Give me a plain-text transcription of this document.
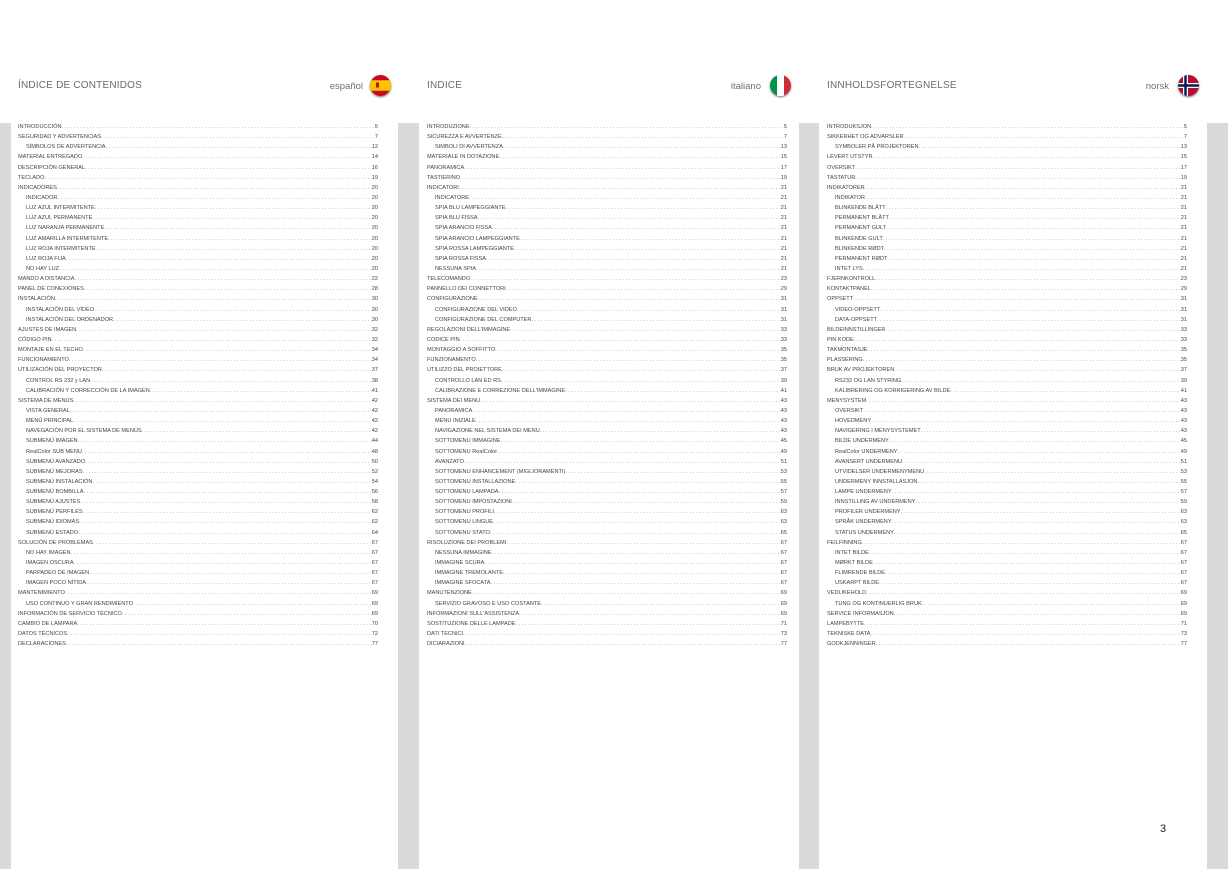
ÍNDICE DE CONTENIDOS	español
INTRODUCCIÓN . . .	5
SEGURIDAD Y ADVERTENCIAS . . .	7
SÍMBOLOS DE ADVERTENCIA . . .	12
MATERIAL ENTREGADO . . .	14
DESCRIPCIÓN GENERAL . . .	16
TECLADO . . .	19
INDICADORES . . .	20
INDICADOR . . .	20
LUZ AZUL INTERMITENTE . . .	20
LUZ AZUL PERMANENTE . . .	20
LUZ NARANJA PERMANENTE . . .	20
LUZ AMARILLA INTERMITENTE . . .	20
LUZ ROJA INTERMITENTE . . .	20
LUZ ROJA FIJA . . .	20
NO HAY LUZ . . .	20
MANDO A DISTANCIA . . .	22
PANEL DE CONEXIONES . . .	28
INSTALACIÓN . . .	30
INSTALACIÓN DEL VÍDEO . . .	30
INSTALACIÓN DEL ORDENADOR . . .	30
AJUSTES DE IMAGEN . . .	32
CÓDIGO PIN . . .	32
MONTAJE EN EL TECHO . . .	34
FUNCIONAMIENTO . . .	34
UTILIZACIÓN DEL PROYECTOR . . .	37
CONTROL RS 232 y LAN . . .	38
CALIBRACIÓN Y CORRECCIÓN DE LA IMAGEN . . .	41
SISTEMA DE MENÚS . . .	42
VISTA GENERAL . . .	42
MENÚ PRINCIPAL . . .	42
NAVEGACIÓN POR EL SISTEMA DE MENÚS . . .	42
SUBMENÚ IMAGEN . . .	44
RealColor SUB MENU . . .	48
SUBMENÚ AVANZADO . . .	50
SUBMENÚ MEJORAS . . .	52
SUBMENÚ INSTALACIÓN . . .	54
SUBMENÚ BOMBILLA . . .	56
SUBMENÚ AJUSTES . . .	58
SUBMENÚ PERFILES . . .	62
SUBMENÚ IDIOMAS . . .	62
SUBMENÚ ESTADO . . .	64
SOLUCIÓN DE PROBLEMAS . . .	67
NO HAY IMAGEN . . .	67
IMAGEN OSCURA . . .	67
PARPADEO DE IMAGEN . . .	67
IMAGEN POCO NÍTIDA . . .	67
MANTENIMIENTO . . .	69
USO CONTINUO Y GRAN RENDIMIENTO . . .	69
INFORMACIÓN DE SERVICIO TÉCNICO . . .	69
CAMBIO DE LÁMPARA . . .	70
DATOS TÉCNICOS . . .	72
DECLARACIONES . . .	77
INDICE	italiano
INTRODUZIONE . . .	5
SICUREZZA E AVVERTENZE . . .	7
SIMBOLI DI AVVERTENZA . . .	13
MATERIALE IN DOTAZIONE . . .	15
PANORAMICA . . .	17
TASTIERINO . . .	19
INDICATORI . . .	21
INDICATORE . . .	21
SPIA BLU LAMPEGGIANTE . . .	21
SPIA BLU FISSA . . .	21
SPIA ARANCIO FISSA . . .	21
SPIA ARANCIO LAMPEGGIANTE . . .	21
SPIA ROSSA LAMPEGGIANTE . . .	21
SPIA ROSSA FISSA . . .	21
NESSUNA SPIA . . .	21
TELECOMANDO . . .	23
PANNELLO DEI CONNETTORI . . .	29
CONFIGURAZIONE . . .	31
CONFIGURAZIONE DEL VIDEO . . .	31
CONFIGURAZIONE DEL COMPUTER . . .	31
REGOLAZIONI DELL'IMMAGINE . . .	33
CODICE PIN . . .	33
MONTAGGIO A SOFFITTO . . .	35
FUNZIONAMENTO . . .	35
UTILIZZO DEL PROIETTORE . . .	37
CONTROLLO LAN ED RS . . .	39
CALIBRAZIONE E CORREZIONE DELL'IMMAGINE . . .	41
SISTEMA DEI MENU . . .	43
PANORAMICA . . .	43
MENU INIZIALE . . .	43
NAVIGAZIONE NEL SISTEMA DEI MENU . . .	43
SOTTOMENU IMMAGINE . . .	45
SOTTOMENU RealColor . . .	49
AVANZATO . . .	51
SOTTOMENU ENHANCEMENT (MIGLIORAMENTI) . . .	53
SOTTOMENU INSTALLAZIONE . . .	55
SOTTOMENU LAMPADA . . .	57
SOTTOMENU IMPOSTAZIONI . . .	59
SOTTOMENU PROFILI . . .	63
SOTTOMENU LINGUE . . .	63
SOTTOMENU STATO . . .	65
RISOLUZIONE DEI PROBLEMI . . .	67
NESSUNA IMMAGINE . . .	67
IMMAGINE SCURA . . .	67
IMMAGINE TREMOLANTE . . .	67
IMMAGINE SFOCATA . . .	67
MANUTENZIONE . . .	69
SERVIZIO GRAVOSO E USO COSTANTE . . .	69
INFORMAZIONI SULL'ASSISTENZA . . .	69
SOSTITUZIONE DELLE LAMPADE . . .	71
DATI TECNICI . . .	73
DICIARAZIONI . . .	77
INNHOLDSFORTEGNELSE	norsk
INTRODUKSJON . . .	5
SIKKERHET OG ADVARSLER . . .	7
SYMBOLER PÅ PROJEKTOREN . . .	13
LEVERT UTSTYR . . .	15
OVERSIKT . . .	17
TASTATUR . . .	19
INDIKATORER . . .	21
INDIKATOR . . .	21
BLINKENDE BLÅTT . . .	21
PERMANENT BLÅTT . . .	21
PERMANENT GULT . . .	21
BLINKENDE GULT . . .	21
BLINKENDE RØDT . . .	21
PERMANENT RØDT . . .	21
INTET LYS . . .	21
FJERNKONTROLL . . .	23
KONTAKTPANEL . . .	29
OPPSETT . . .	31
VIDEO-OPPSETT . . .	31
DATA-OPPSETT . . .	31
BILDEINNSTILLINGER . . .	33
PIN KODE . . .	33
TAKMONTASJE . . .	35
PLASSERING . . .	35
BRUK AV PROJEKTOREN . . .	37
RS232 OG LAN STYRING . . .	39
KALIBRERING OG KORRIGERING AV BILDE . . .	41
MENYSYSTEM . . .	43
OVERSIKT . . .	43
HOVEDMENY . . .	43
NAVIGERING I MENYSYSTEMET . . .	43
BILDE UNDERMENY . . .	45
RealColor UNDERMENY . . .	49
AVANSERT UNDERMENU . . .	51
UTVIDELSER UNDERMENYMENU . . .	53
UNDERMENY INNSTALLASJON . . .	55
LAMPE UNDERMENY . . .	57
INNSTILLING AV UNDERMENY . . .	59
PROFILER UNDERMENY . . .	63
SPRÅK UNDERMENY . . .	63
STATUS UNDERMENY . . .	65
FEILFINNING . . .	67
INTET BILDE . . .	67
MØRKT BILDE . . .	67
FLIMRENDE BILDE . . .	67
USKARPT BILDE . . .	67
VEDLIKEHOLD . . .	69
TUNG OG KONTINUERLIG BRUK . . .	69
SERVICE INFORMASJON . . .	69
LAMPEBYTTE . . .	71
TEKNISKE DATA . . .	73
GODKJENNINGER . . .	77
3
